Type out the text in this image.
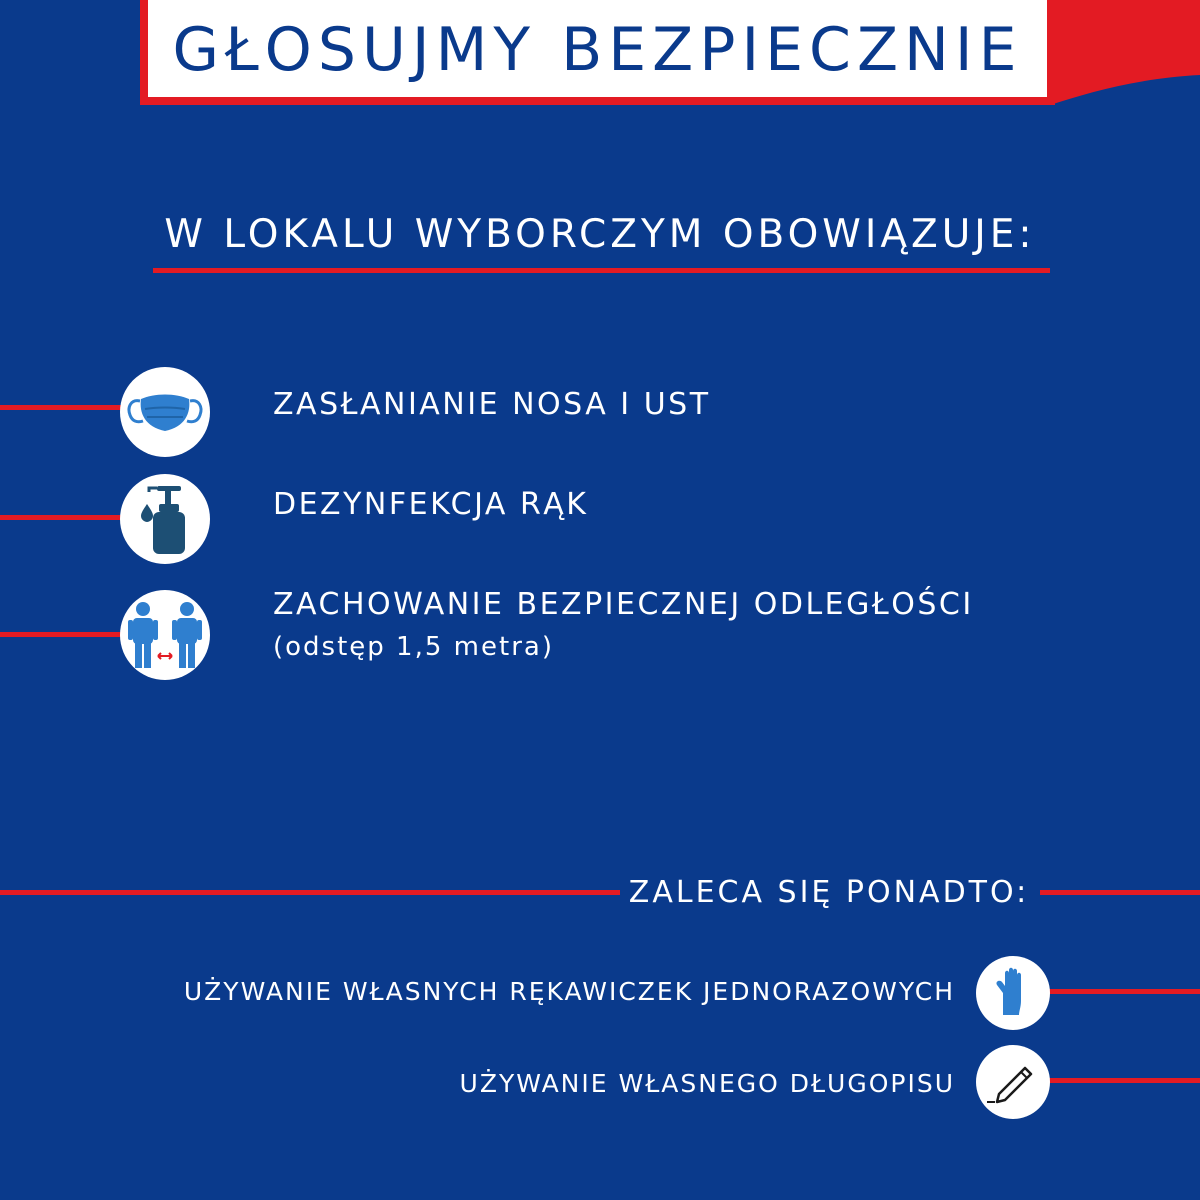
GŁOSUJMY BEZPIECZNIE
W LOKALU WYBORCZYM OBOWIĄZUJE:
ZASŁANIANIE NOSA I UST
DEZYNFEKCJA RĄK
ZACHOWANIE BEZPIECZNEJ ODLEGŁOŚCI
(odstęp 1,5 metra)
ZALECA SIĘ PONADTO:
UŻYWANIE WŁASNYCH RĘKAWICZEK JEDNORAZOWYCH
UŻYWANIE WŁASNEGO DŁUGOPISU
